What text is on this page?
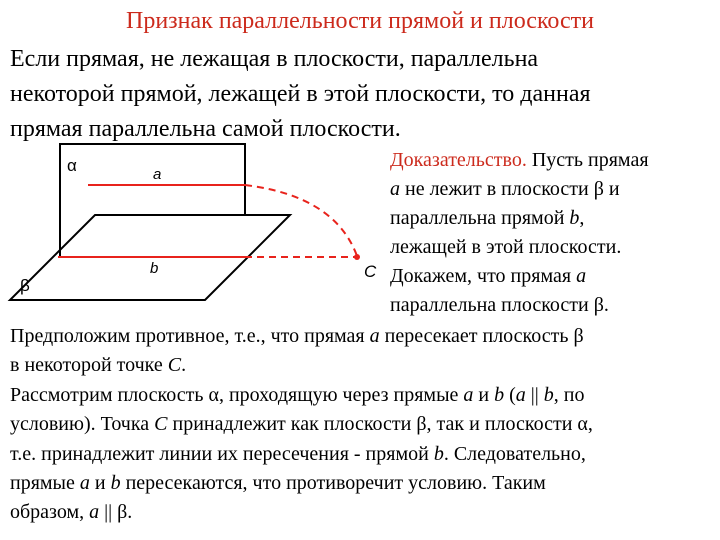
Признак параллельности прямой и плоскости
Если прямая, не лежащая в плоскости, параллельна
некоторой прямой, лежащей в этой плоскости, то данная
прямая параллельна самой плоскости.
α	a
b
β
C
Доказательство. Пусть прямая
a не лежит в плоскости β и
параллельна прямой b,
лежащей в этой плоскости.
Докажем, что прямая a
параллельна плоскости β.
Предположим противное, т.е., что прямая a пересекает плоскость β
в некоторой точке C.
Рассмотрим плоскость α, проходящую через прямые a и b (a || b, по
условию). Точка C принадлежит как плоскости β, так и плоскости α,
т.е. принадлежит линии их пересечения - прямой b. Следовательно,
прямые a и b пересекаются, что противоречит условию. Таким
образом, a || β.
